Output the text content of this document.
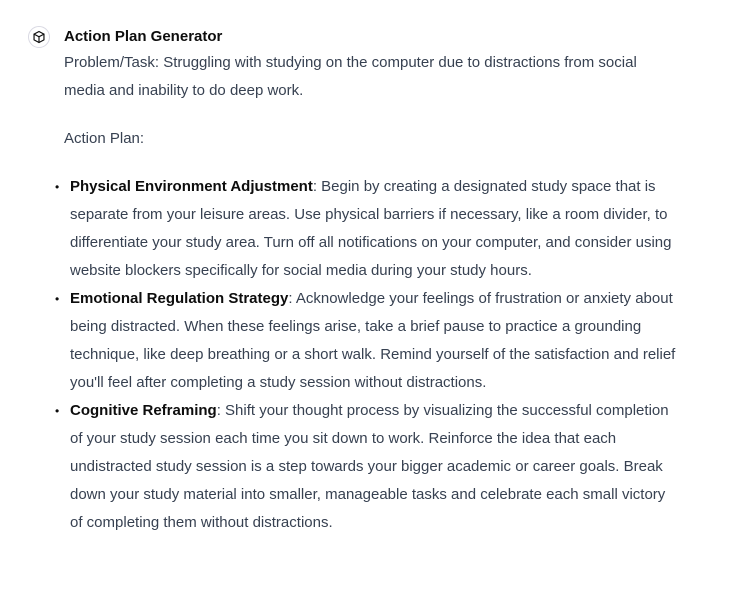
Action Plan Generator

Problem/Task: Struggling with studying on the computer due to distractions from social media and inability to do deep work.

Action Plan:

• Physical Environment Adjustment: Begin by creating a designated study space that is separate from your leisure areas. Use physical barriers if necessary, like a room divider, to differentiate your study area. Turn off all notifications on your computer, and consider using website blockers specifically for social media during your study hours.
• Emotional Regulation Strategy: Acknowledge your feelings of frustration or anxiety about being distracted. When these feelings arise, take a brief pause to practice a grounding technique, like deep breathing or a short walk. Remind yourself of the satisfaction and relief you'll feel after completing a study session without distractions.
• Cognitive Reframing: Shift your thought process by visualizing the successful completion of your study session each time you sit down to work. Reinforce the idea that each undistracted study session is a step towards your bigger academic or career goals. Break down your study material into smaller, manageable tasks and celebrate each small victory of completing them without distractions.
